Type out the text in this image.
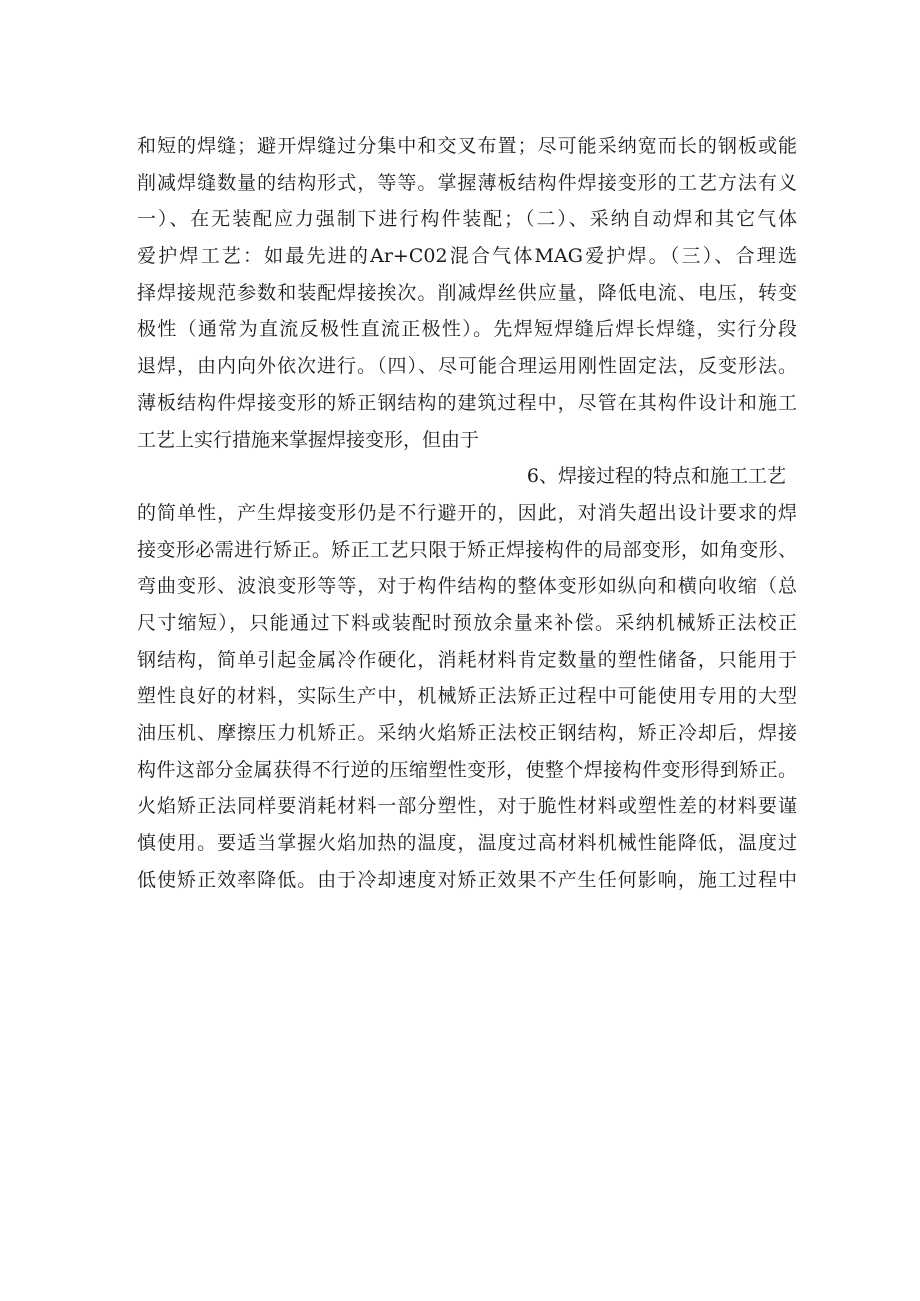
和短的焊缝；避开焊缝过分集中和交叉布置；尽可能采纳宽而长的钢板或能
削减焊缝数量的结构形式，等等。掌握薄板结构件焊接变形的工艺方法有义
一）、在无装配应力强制下进行构件装配；（二）、采纳自动焊和其它气体
爱护焊工艺：如最先进的Ar+C02混合气体MAG爱护焊。（三）、合理选
择焊接规范参数和装配焊接挨次。削减焊丝供应量，降低电流、电压，转变
极性（通常为直流反极性直流正极性）。先焊短焊缝后焊长焊缝，实行分段
退焊，由内向外依次进行。（四）、尽可能合理运用刚性固定法，反变形法。
薄板结构件焊接变形的矫正钢结构的建筑过程中，尽管在其构件设计和施工
工艺上实行措施来掌握焊接变形，但由于
6、焊接过程的特点和施工工艺
的简单性，产生焊接变形仍是不行避开的，因此，对消失超出设计要求的焊
接变形必需进行矫正。矫正工艺只限于矫正焊接构件的局部变形，如角变形、
弯曲变形、波浪变形等等，对于构件结构的整体变形如纵向和横向收缩（总
尺寸缩短），只能通过下料或装配时预放余量来补偿。采纳机械矫正法校正
钢结构，简单引起金属冷作硬化，消耗材料肯定数量的塑性储备，只能用于
塑性良好的材料，实际生产中，机械矫正法矫正过程中可能使用专用的大型
油压机、摩擦压力机矫正。采纳火焰矫正法校正钢结构，矫正冷却后，焊接
构件这部分金属获得不行逆的压缩塑性变形，使整个焊接构件变形得到矫正。
火焰矫正法同样要消耗材料一部分塑性，对于脆性材料或塑性差的材料要谨
慎使用。要适当掌握火焰加热的温度，温度过高材料机械性能降低，温度过
低使矫正效率降低。由于冷却速度对矫正效果不产生任何影响，施工过程中
